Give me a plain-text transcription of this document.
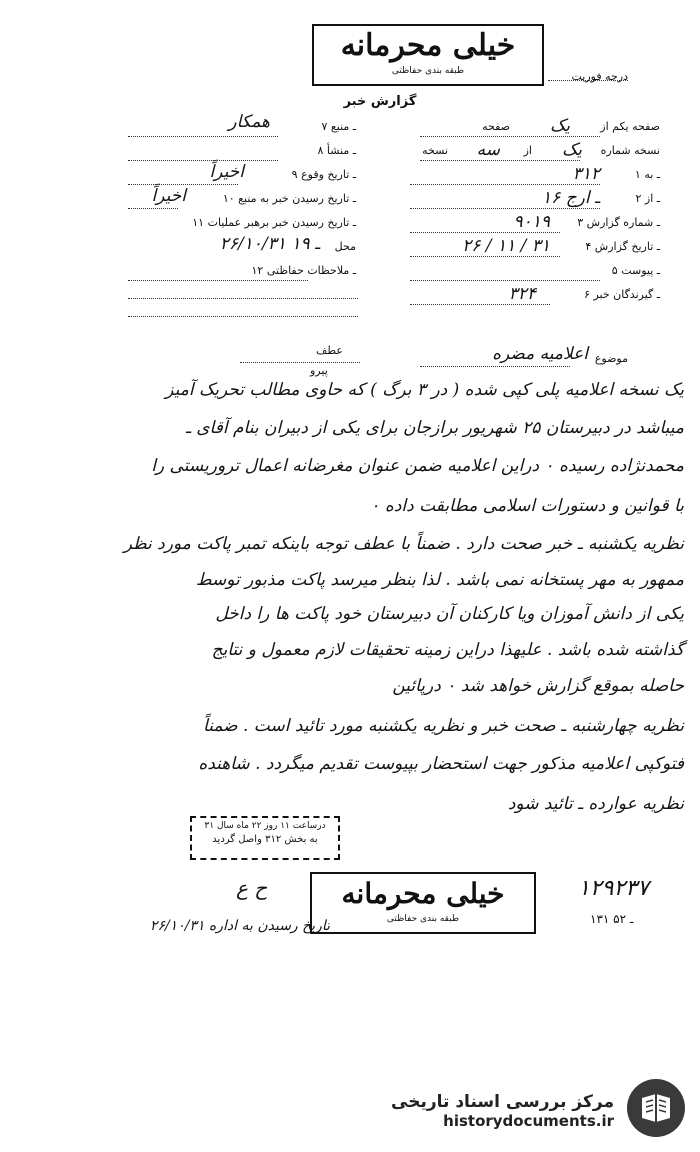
خیلی محرمانه
طبقه بندی حفاظتی	درجه فوریت
گزارش خبر
صفحه یکم از
یک
صفحه
نسخه شماره
یک
از
سه
نسخه
۱ ـ به
۳۱۲
۲ ـ از
۱۶ ـ ارج
۳ ـ شماره گزارش
۹۰۱۹
۴ ـ تاریخ گزارش
۲۶ / ۱۱ / ۳۱
۵ ـ پیوست
۶ ـ گیرندگان خبر
۳۲۴
۷ ـ منبع
همکار
۸ ـ منشأ
۹ ـ تاریخ وقوع
اخیراً
۱۰ ـ تاریخ رسیدن خبر به منبع
اخیراً
۱۱ ـ تاریخ رسیدن خبر برهبر عملیات
محل
۲۶/۱۰/۳۱ ـ ۱۹
۱۲ ـ ملاحظات حفاظتی
عطف
پیرو
موضوع
اعلامیه مضره
یک نسخه اعلامیه پلی کپی شده ( در ۳ برگ ) که حاوی مطالب تحریک آمیز
میباشد در دبیرستان ۲۵ شهریور برازجان برای یکی از دبیران بنام آقای ـ
محمدنژاده رسیده ۰ دراین اعلامیه ضمن عنوان مغرضانه اعمال تروریستی را
با قوانین و دستورات اسلامی مطابقت داده ۰
نظریه یکشنبه ـ خبر صحت دارد . ضمناً با عطف توجه باینکه تمبر پاکت مورد نظر
ممهور به مهر پستخانه نمی باشد . لذا بنظر میرسد پاکت مذبور توسط
یکی از دانش آموزان ویا کارکنان آن دبیرستان خود پاکت ها را داخل
گذاشته شده باشد . علیهذا دراین زمینه تحقیقات لازم معمول و نتایج
حاصله بموقع گزارش خواهد شد ۰ درپائین
نظریه چهارشنبه ـ صحت خبر و نظریه یکشنبه مورد تائید است . ضمناً
فتوکپی اعلامیه مذکور جهت استحضار بپیوست تقدیم میگردد . شاهنده
نظریه عوارده ـ تائید شود
درساعت ۱۱ روز ۲۲ ماه سال ۳۱
به بخش ۳۱۲ واصل گردید
خیلی محرمانه
طبقه بندی حفاظتی
ح ع
تاریخ رسیدن به اداره ۲۶/۱۰/۳۱
۱۲۹۲۳۷
۱۳۱ ـ ۵۲
مرکز بررسی اسناد تاریخی
historydocuments.ir
